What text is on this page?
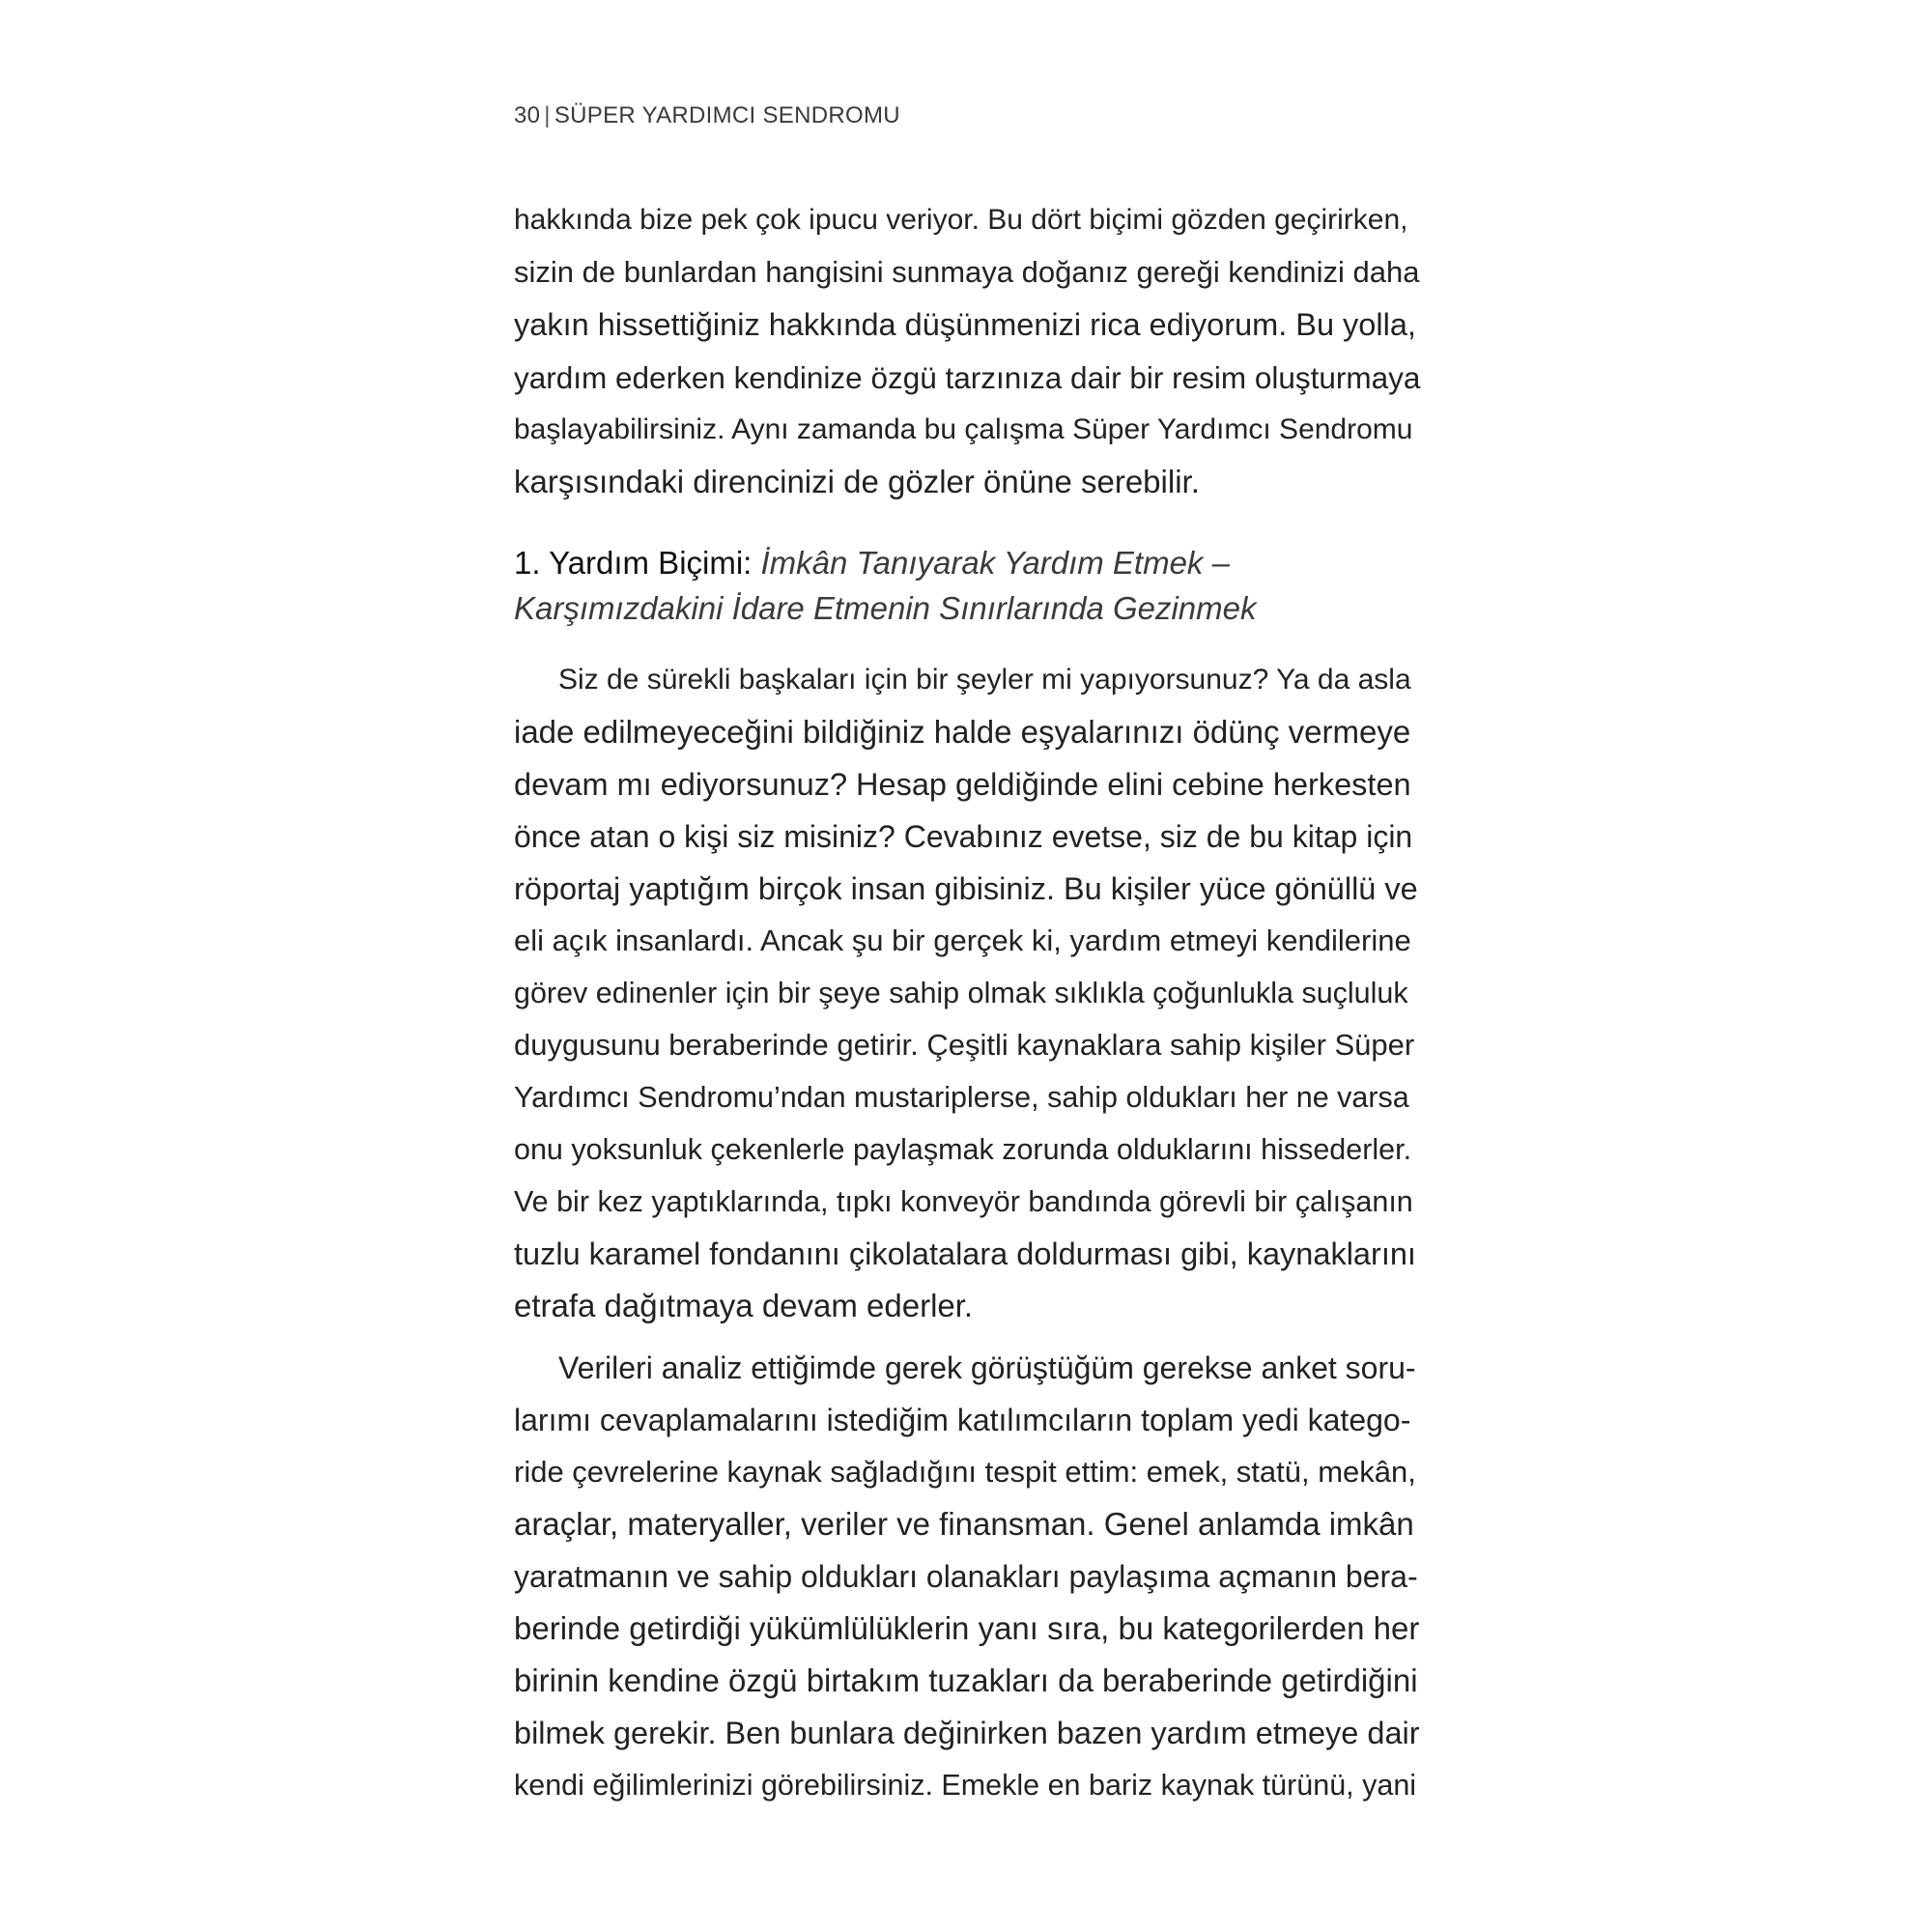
30 | SÜPER YARDIMCI SENDROMU
hakkında bize pek çok ipucu veriyor. Bu dört biçimi gözden geçirirken,
sizin de bunlardan hangisini sunmaya doğanız gereği kendinizi daha
yakın hissettiğiniz hakkında düşünmenizi rica ediyorum. Bu yolla,
yardım ederken kendinize özgü tarzınıza dair bir resim oluşturmaya
başlayabilirsiniz. Aynı zamanda bu çalışma Süper Yardımcı Sendromu
karşısındaki direncinizi de gözler önüne serebilir.
1. Yardım Biçimi: İmkân Tanıyarak Yardım Etmek –
Karşımızdakini İdare Etmenin Sınırlarında Gezinmek
Siz de sürekli başkaları için bir şeyler mi yapıyorsunuz? Ya da asla
iade edilmeyeceğini bildiğiniz halde eşyalarınızı ödünç vermeye
devam mı ediyorsunuz? Hesap geldiğinde elini cebine herkesten
önce atan o kişi siz misiniz? Cevabınız evetse, siz de bu kitap için
röportaj yaptığım birçok insan gibisiniz. Bu kişiler yüce gönüllü ve
eli açık insanlardı. Ancak şu bir gerçek ki, yardım etmeyi kendilerine
görev edinenler için bir şeye sahip olmak sıklıkla çoğunlukla suçluluk
duygusunu beraberinde getirir. Çeşitli kaynaklara sahip kişiler Süper
Yardımcı Sendromu’ndan mustariplerse, sahip oldukları her ne varsa
onu yoksunluk çekenlerle paylaşmak zorunda olduklarını hissederler.
Ve bir kez yaptıklarında, tıpkı konveyör bandında görevli bir çalışanın
tuzlu karamel fondanını çikolatalara doldurması gibi, kaynaklarını
etrafa dağıtmaya devam ederler.
Verileri analiz ettiğimde gerek görüştüğüm gerekse anket soru-
larımı cevaplamalarını istediğim katılımcıların toplam yedi katego-
ride çevrelerine kaynak sağladığını tespit ettim: emek, statü, mekân,
araçlar, materyaller, veriler ve finansman. Genel anlamda imkân
yaratmanın ve sahip oldukları olanakları paylaşıma açmanın bera-
berinde getirdiği yükümlülüklerin yanı sıra, bu kategorilerden her
birinin kendine özgü birtakım tuzakları da beraberinde getirdiğini
bilmek gerekir. Ben bunlara değinirken bazen yardım etmeye dair
kendi eğilimlerinizi görebilirsiniz. Emekle en bariz kaynak türünü, yani
